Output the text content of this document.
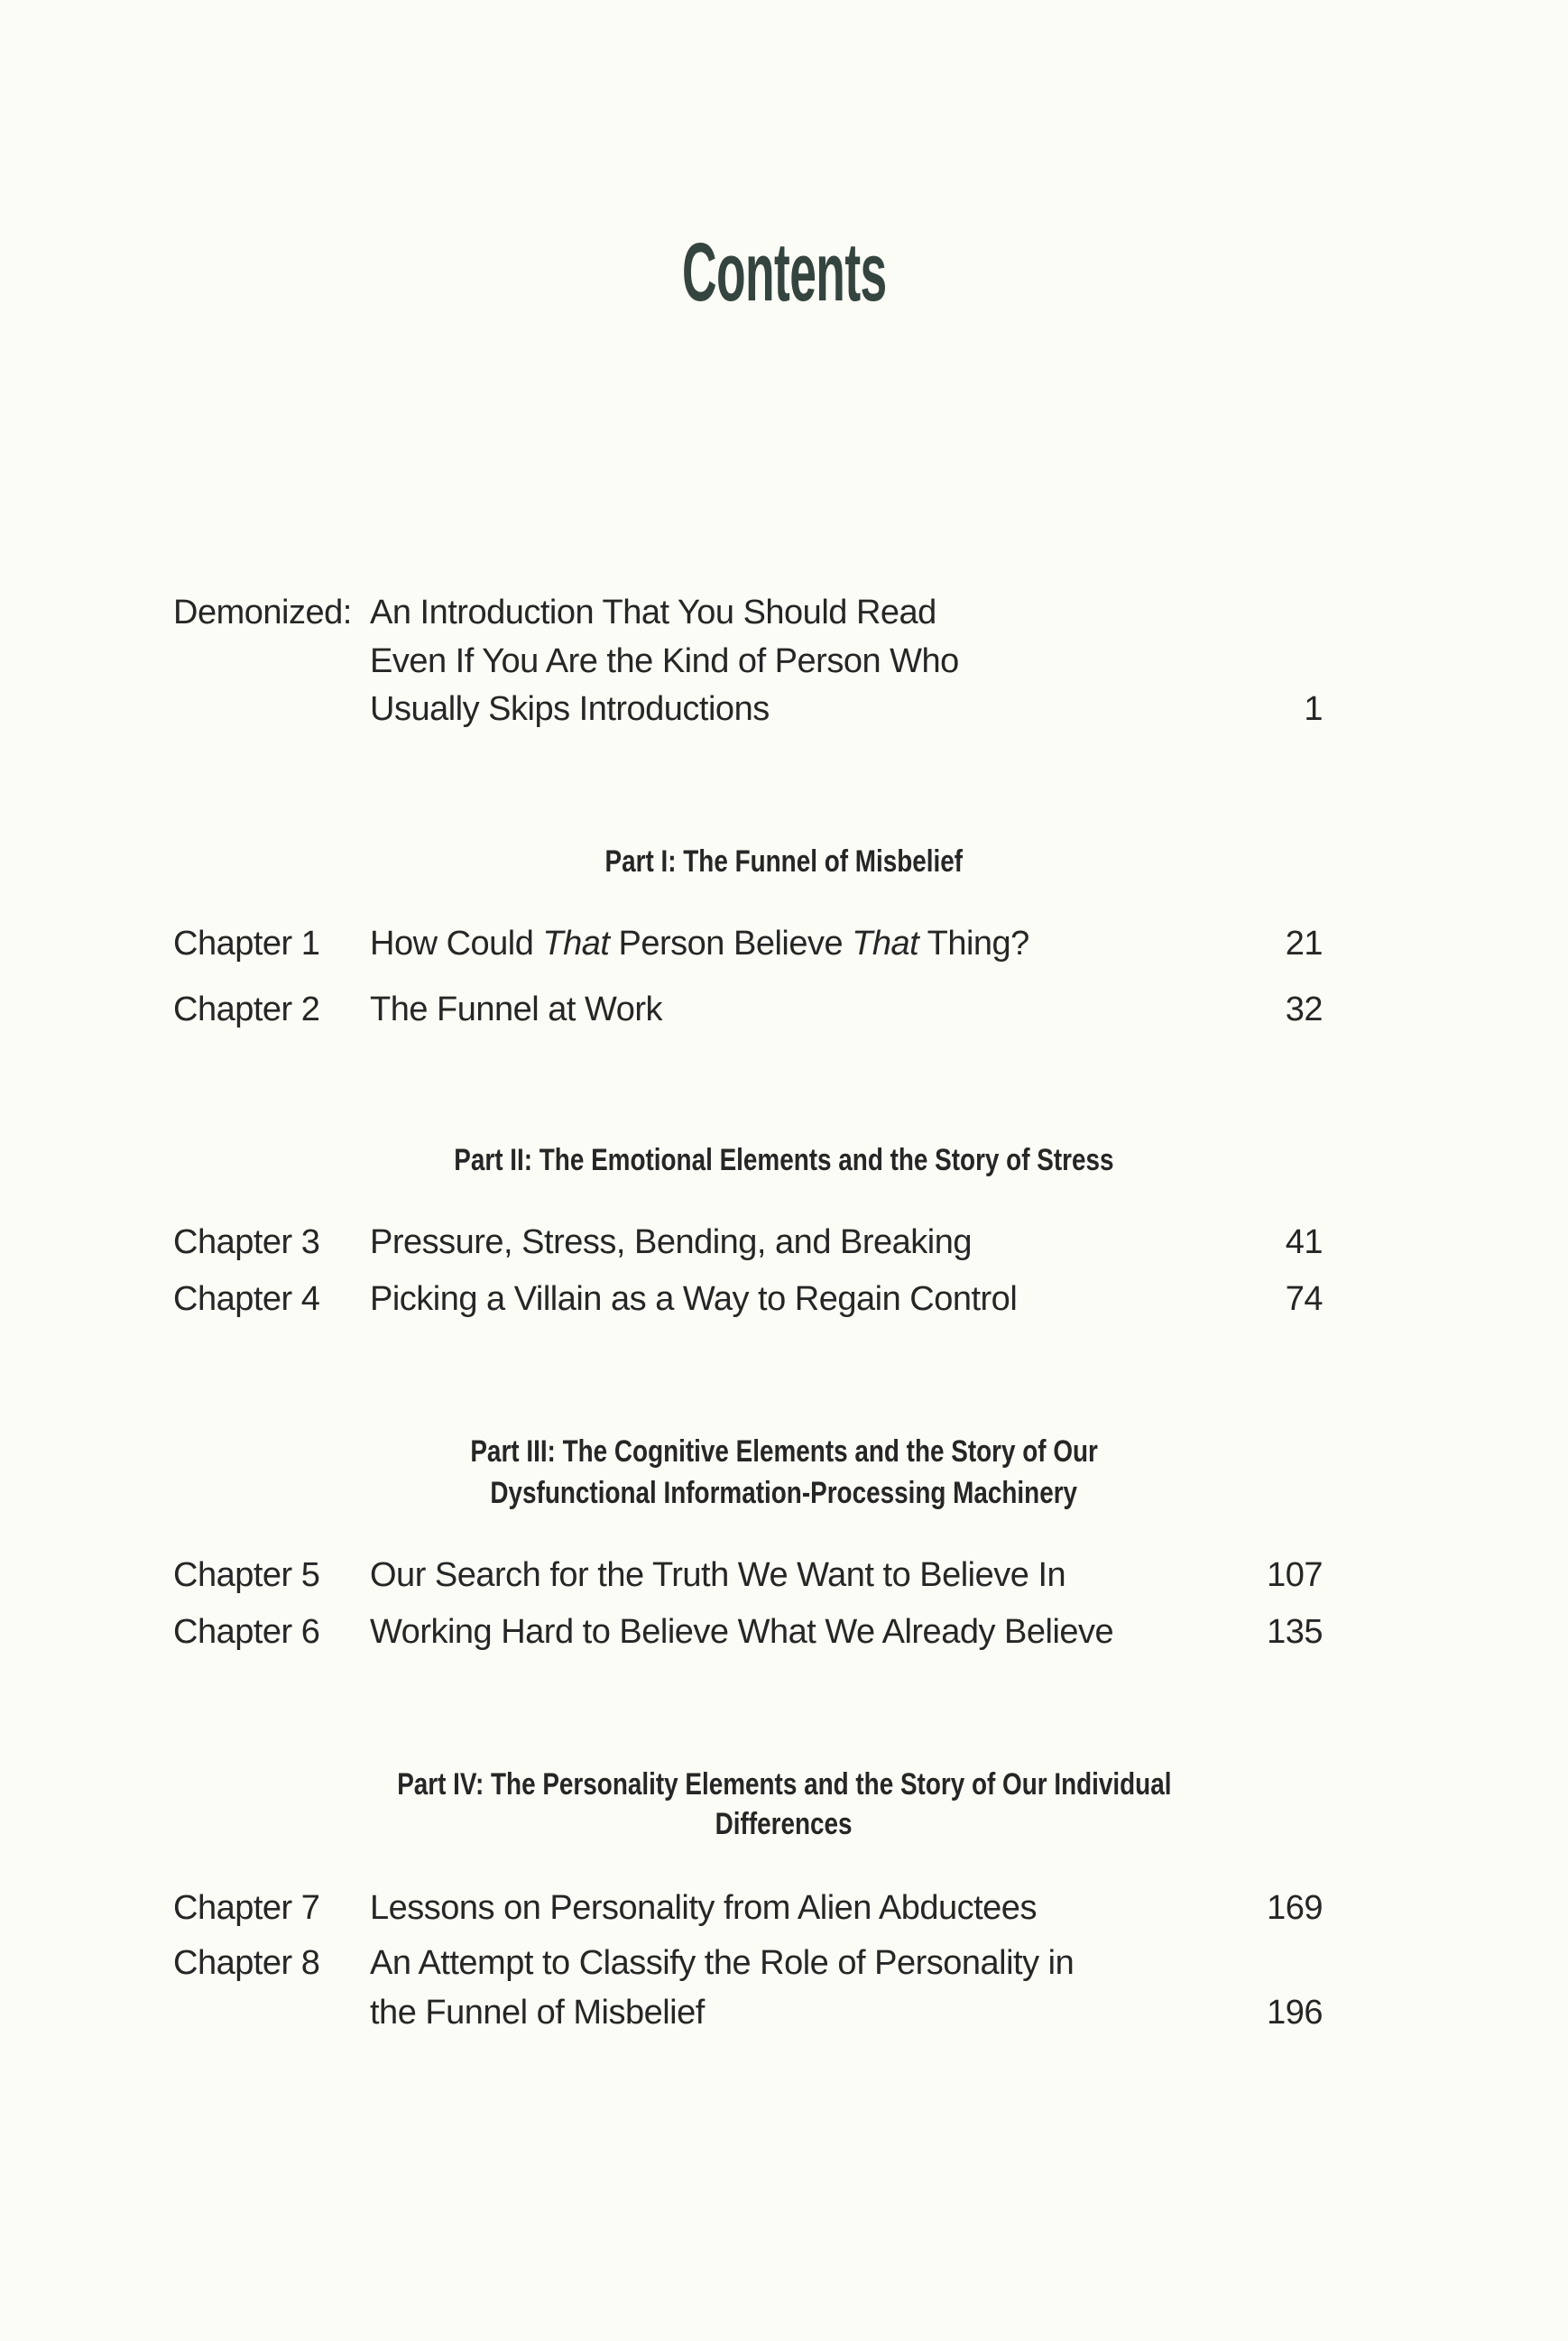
Contents
Demonized: An Introduction That You Should Read
Even If You Are the Kind of Person Who
Usually Skips Introductions	1
Part I: The Funnel of Misbelief
Chapter 1 How Could That Person Believe That Thing?	21
Chapter 2 The Funnel at Work	32
Part II: The Emotional Elements and the Story of Stress
Chapter 3 Pressure, Stress, Bending, and Breaking	41
Chapter 4 Picking a Villain as a Way to Regain Control	74
Part III: The Cognitive Elements and the Story of Our
Dysfunctional Information-Processing Machinery
Chapter 5 Our Search for the Truth We Want to Believe In	107
Chapter 6 Working Hard to Believe What We Already Believe	135
Part IV: The Personality Elements and the Story of Our Individual
Differences
Chapter 7 Lessons on Personality from Alien Abductees	169
Chapter 8 An Attempt to Classify the Role of Personality in
the Funnel of Misbelief	196
